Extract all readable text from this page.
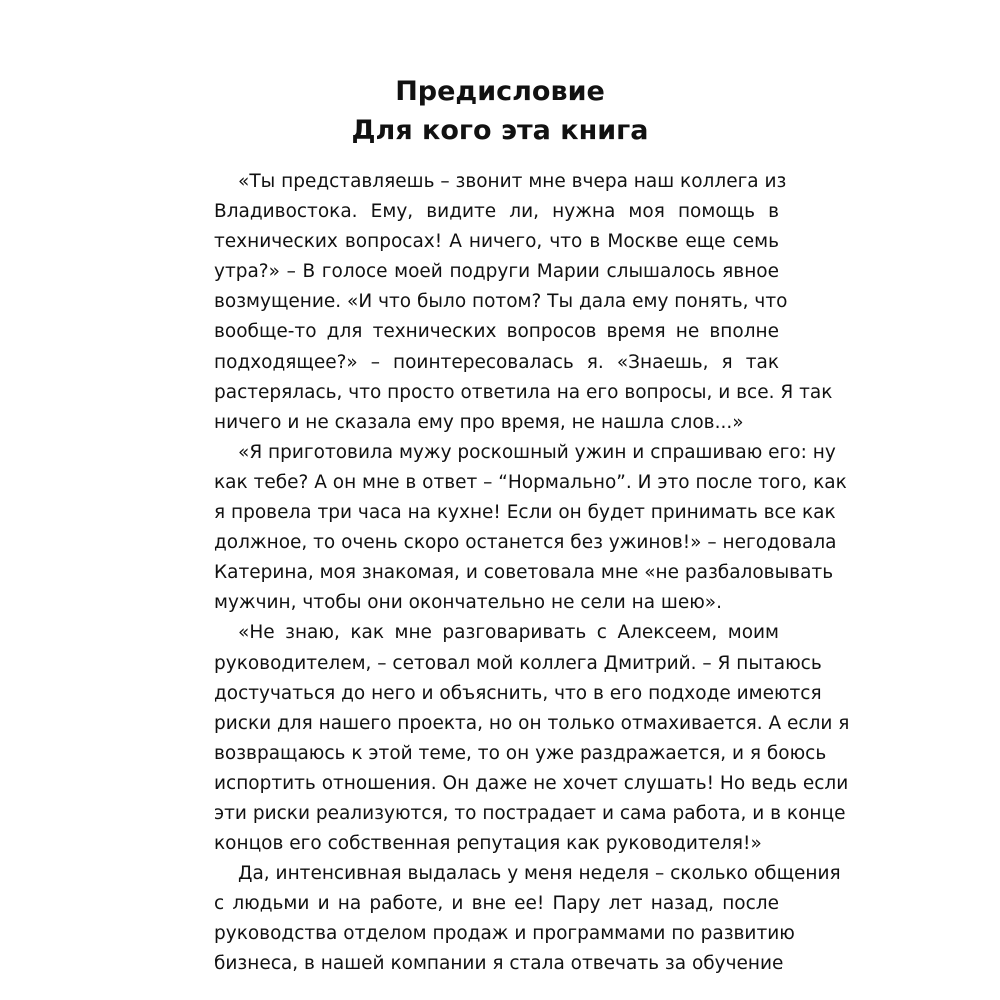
Предисловие
Для кого эта книга
«Ты представляешь – звонит мне вчера наш коллега из
Владивостока. Ему, видите ли, нужна моя помощь в
технических вопросах! А ничего, что в Москве еще семь
утра?» – В голосе моей подруги Марии слышалось явное
возмущение. «И что было потом? Ты дала ему понять, что
вообще-то для технических вопросов время не вполне
подходящее?» – поинтересовалась я. «Знаешь, я так
растерялась, что просто ответила на его вопросы, и все. Я так
ничего и не сказала ему про время, не нашла слов...»
«Я приготовила мужу роскошный ужин и спрашиваю его: ну
как тебе? А он мне в ответ – “Нормально”. И это после того, как
я провела три часа на кухне! Если он будет принимать все как
должное, то очень скоро останется без ужинов!» – негодовала
Катерина, моя знакомая, и советовала мне «не разбаловывать
мужчин, чтобы они окончательно не сели на шею».
«Не знаю, как мне разговаривать с Алексеем, моим
руководителем, – сетовал мой коллега Дмитрий. – Я пытаюсь
достучаться до него и объяснить, что в его подходе имеются
риски для нашего проекта, но он только отмахивается. А если я
возвращаюсь к этой теме, то он уже раздражается, и я боюсь
испортить отношения. Он даже не хочет слушать! Но ведь если
эти риски реализуются, то пострадает и сама работа, и в конце
концов его собственная репутация как руководителя!»
Да, интенсивная выдалась у меня неделя – сколько общения
с людьми и на работе, и вне ее! Пару лет назад, после
руководства отделом продаж и программами по развитию
бизнеса, в нашей компании я стала отвечать за обучение
